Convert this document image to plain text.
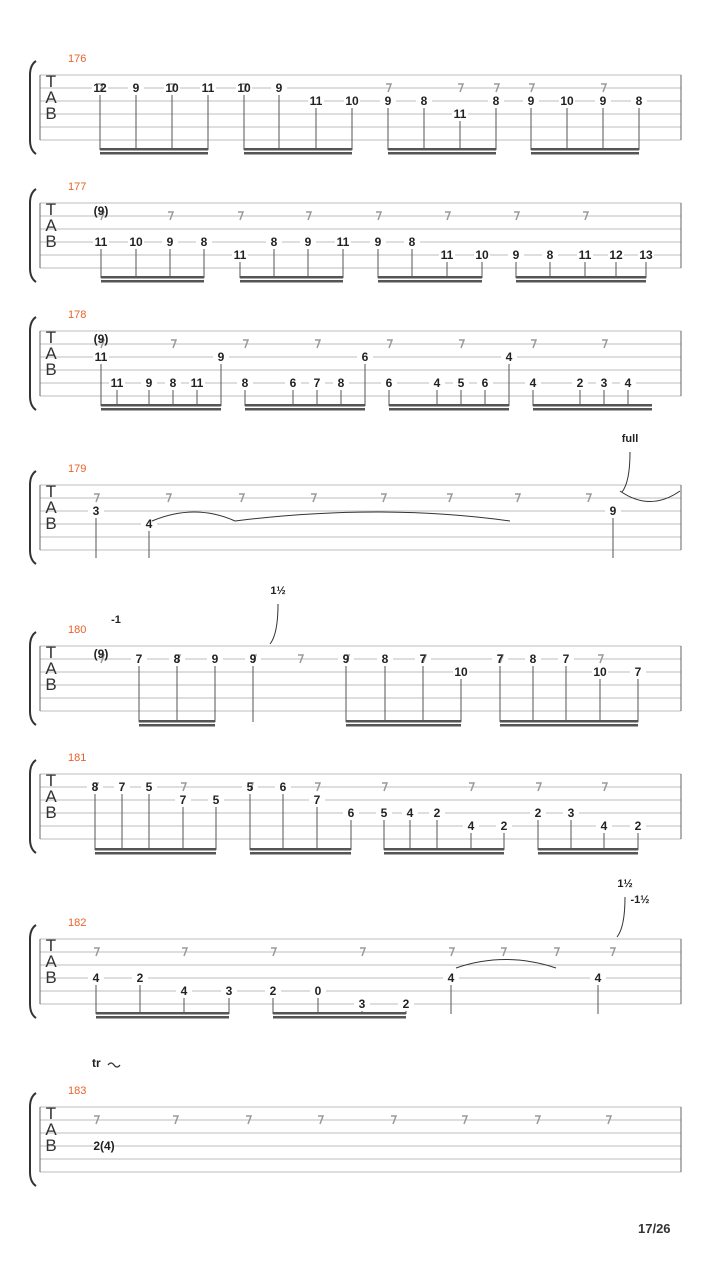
T
A
B
176
12 9 10 11 10 9
11 10 9 8
11
8 9 10 9 8
T
A
B
177
11 10 9 8
11
8 9 11 9 8
11 10 9 8 11 12 13
(9)
T
A
B
178
11
11 9 8 11
9
8	6 7 8
6
6	4 5 6
4
4	2 3 4
(9)
T
A
B
179
3
4
9
full
T
A
B
180
7	8	9	9	9	8	7
10
7 8 7
10 7
(9)
1½
-1
T
A
B
181
8 7 5
7 5
5 6
7
6 5 4 2
4 2
2 3
4 2
T
A
B
182
4	2
4	3	2	0
3	2
4	4
1½
-1½
T
A
B
183
2(4)
tr
17/26
